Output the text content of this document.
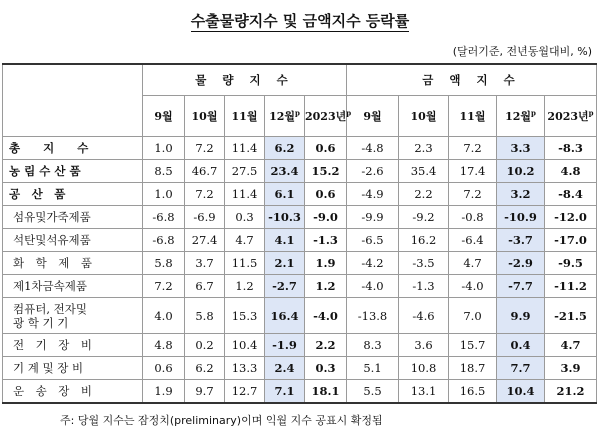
수출물량지수 및 금액지수 등락률
(달러기준, 전년동월대비, %)
	물 량 지 수					금 액 지 수				
	9월	10월	11월	12월$^p$	2023년$^p$	9월	10월	11월	12월$^p$	2023년$^p$
총　　지　　수	1.0	7.2	11.4	6.2	0.6	-4.8	2.3	7.2	3.3	-8.3
농 림 수 산 품	8.5	46.7	27.5	23.4	15.2	-2.6	35.4	17.4	10.2	4.8
공　산　품	1.0	7.2	11.4	6.1	0.6	-4.9	2.2	7.2	3.2	-8.4
섬유및가죽제품	-6.8	-6.9	0.3	-10.3	-9.0	-9.9	-9.2	-0.8	-10.9	-12.0
석탄및석유제품	-6.8	27.4	4.7	4.1	-1.3	-6.5	16.2	-6.4	-3.7	-17.0
화　학　제　품	5.8	3.7	11.5	2.1	1.9	-4.2	-3.5	4.7	-2.9	-9.5
제1차금속제품	7.2	6.7	1.2	-2.7	1.2	-4.0	-1.3	-4.0	-7.7	-11.2
컴퓨터, 전자및
광 학 기 기	4.0	5.8	15.3	16.4	-4.0	-13.8	-4.6	7.0	9.9	-21.5
전　기　장　비	4.8	0.2	10.4	-1.9	2.2	8.3	3.6	15.7	0.4	4.7
기 계 및 장 비	0.6	6.2	13.3	2.4	0.3	5.1	10.8	18.7	7.7	3.9
운　송　장　비	1.9	9.7	12.7	7.1	18.1	5.5	13.1	16.5	10.4	21.2
주: 당월 지수는 잠정치(preliminary)이며 익월 지수 공표시 확정됨
